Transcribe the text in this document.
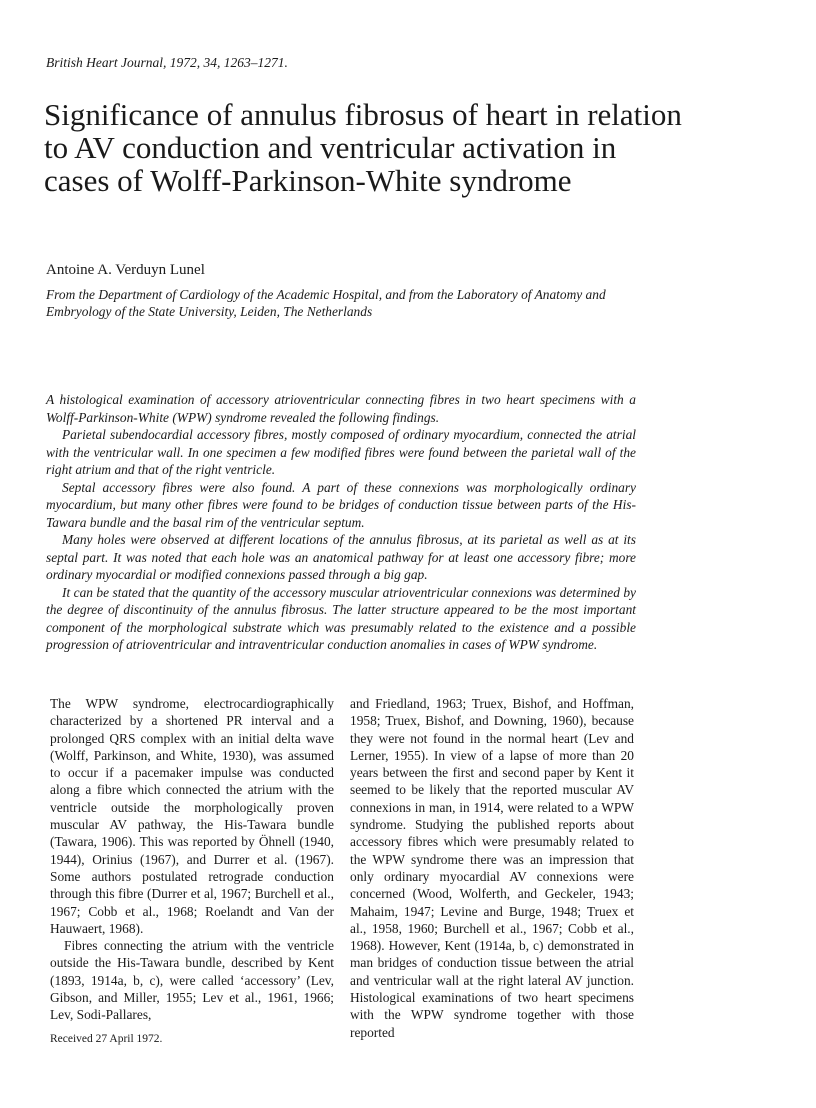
British Heart Journal, 1972, 34, 1263–1271.
Significance of annulus fibrosus of heart in relation to AV conduction and ventricular activation in cases of Wolff-Parkinson-White syndrome
Antoine A. Verduyn Lunel
From the Department of Cardiology of the Academic Hospital, and from the Laboratory of Anatomy and Embryology of the State University, Leiden, The Netherlands

A histological examination of accessory atrioventricular connecting fibres in two heart specimens with a Wolff-Parkinson-White (WPW) syndrome revealed the following findings.

Parietal subendocardial accessory fibres, mostly composed of ordinary myocardium, connected the atrial with the ventricular wall. In one specimen a few modified fibres were found between the parietal wall of the right atrium and that of the right ventricle.

Septal accessory fibres were also found. A part of these connexions was morphologically ordinary myocardium, but many other fibres were found to be bridges of conduction tissue between parts of the His-Tawara bundle and the basal rim of the ventricular septum.

Many holes were observed at different locations of the annulus fibrosus, at its parietal as well as at its septal part. It was noted that each hole was an anatomical pathway for at least one accessory fibre; more ordinary myocardial or modified connexions passed through a big gap.

It can be stated that the quantity of the accessory muscular atrioventricular connexions was determined by the degree of discontinuity of the annulus fibrosus. The latter structure appeared to be the most important component of the morphological substrate which was presumably related to the existence and a possible progression of atrioventricular and intraventricular conduction anomalies in cases of WPW syndrome.

The WPW syndrome, electrocardiographically characterized by a shortened PR interval and a prolonged QRS complex with an initial delta wave (Wolff, Parkinson, and White, 1930), was assumed to occur if a pacemaker impulse was conducted along a fibre which connected the atrium with the ventricle outside the morphologically proven muscular AV pathway, the His-Tawara bundle (Tawara, 1906). This was reported by Öhnell (1940, 1944), Orinius (1967), and Durrer et al. (1967). Some authors postulated retrograde conduction through this fibre (Durrer et al, 1967; Burchell et al., 1967; Cobb et al., 1968; Roelandt and Van der Hauwaert, 1968).

Fibres connecting the atrium with the ventricle outside the His-Tawara bundle, described by Kent (1893, 1914a, b, c), were called ‘accessory’ (Lev, Gibson, and Miller, 1955; Lev et al., 1961, 1966; Lev, Sodi-Pallares,

and Friedland, 1963; Truex, Bishof, and Hoffman, 1958; Truex, Bishof, and Downing, 1960), because they were not found in the normal heart (Lev and Lerner, 1955). In view of a lapse of more than 20 years between the first and second paper by Kent it seemed to be likely that the reported muscular AV connexions in man, in 1914, were related to a WPW syndrome. Studying the published reports about accessory fibres which were presumably related to the WPW syndrome there was an impression that only ordinary myocardial AV connexions were concerned (Wood, Wolferth, and Geckeler, 1943; Mahaim, 1947; Levine and Burge, 1948; Truex et al., 1958, 1960; Burchell et al., 1967; Cobb et al., 1968). However, Kent (1914a, b, c) demonstrated in man bridges of conduction tissue between the atrial and ventricular wall at the right lateral AV junction. Histological examinations of two heart specimens with the WPW syndrome together with those reported

Received 27 April 1972.
